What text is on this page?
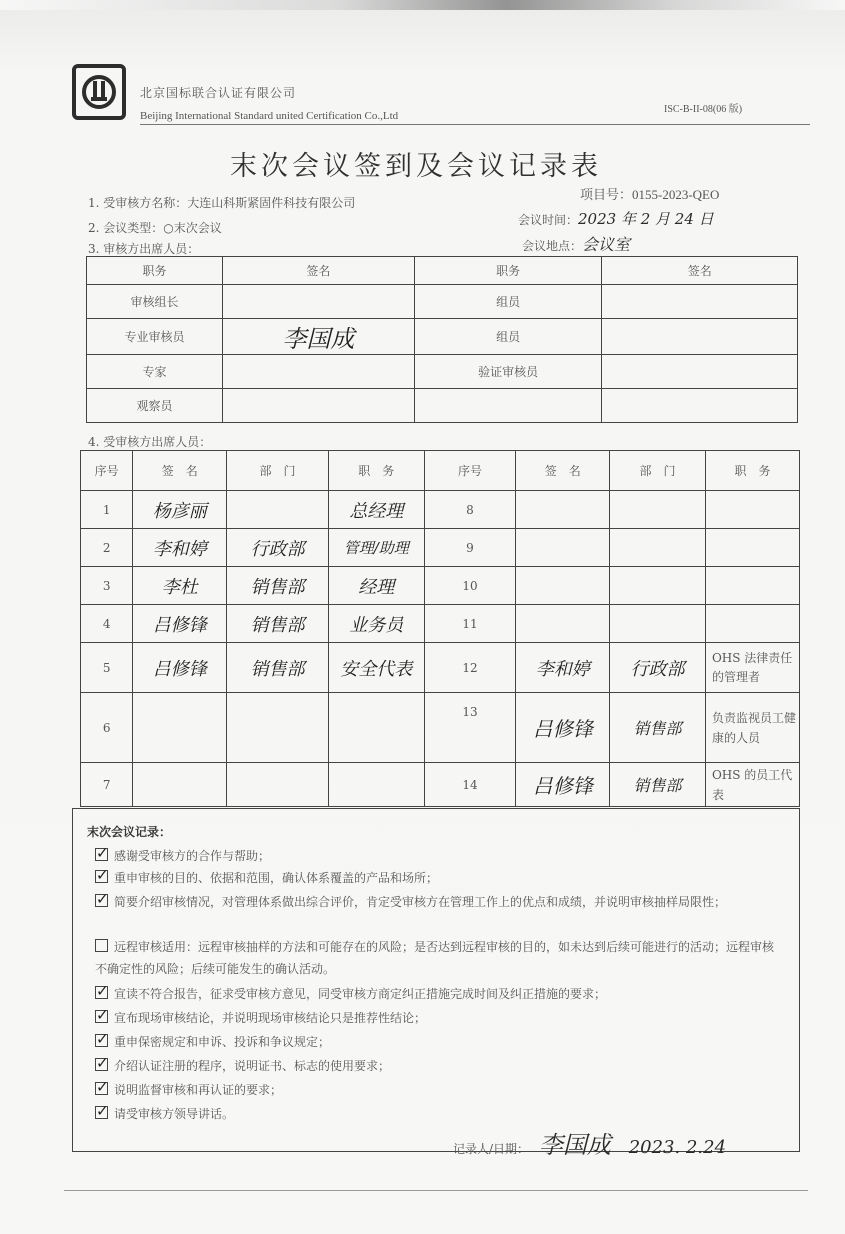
北京国标联合认证有限公司
Beijing International Standard united Certification Co.,Ltd
ISC-B-II-08(06 版)
末次会议签到及会议记录表
1. 受审核方名称：大连山科斯紧固件科技有限公司	项目号：0155-2023-QEO
2. 会议类型：○末次会议
会议时间：2023 年 2 月 24 日
会议地点：会议室
3. 审核方出席人员：
职务	签名	职务	签名
审核组长		组员	
专业审核员	李国成	组员	
专家		验证审核员	
观察员			
4. 受审核方出席人员：
序号	签　名	部　门	职　务	序号	签　名	部　门	职　务
1	杨彦丽		总经理	8			
2	李和婷	行政部	管理/助理	9			
3	李杜	销售部	经理	10			
4	吕修锋	销售部	业务员	11			
5	吕修锋	销售部	安全代表	12	李和婷	行政部	OHS 法律责任的管理者
6				13	吕修锋	销售部	负责监视员工健康的人员
7				14	吕修锋	销售部	OHS 的员工代表
末次会议记录：
✓感谢受审核方的合作与帮助；
✓重申审核的目的、依据和范围，确认体系覆盖的产品和场所；
✓简要介绍审核情况，对管理体系做出综合评价，肯定受审核方在管理工作上的优点和成绩，并说明审核抽样局限性；
远程审核适用：远程审核抽样的方法和可能存在的风险；是否达到远程审核的目的，如未达到后续可能进行的活动；远程审核不确定性的风险；后续可能发生的确认活动。
✓宣读不符合报告，征求受审核方意见，同受审核方商定纠正措施完成时间及纠正措施的要求；
✓宣布现场审核结论，并说明现场审核结论只是推荐性结论；
✓重申保密规定和申诉、投诉和争议规定；
✓介绍认证注册的程序，说明证书、标志的使用要求；
✓说明监督审核和再认证的要求；
✓请受审核方领导讲话。
记录人/日期： 李国成 2023. 2.24
